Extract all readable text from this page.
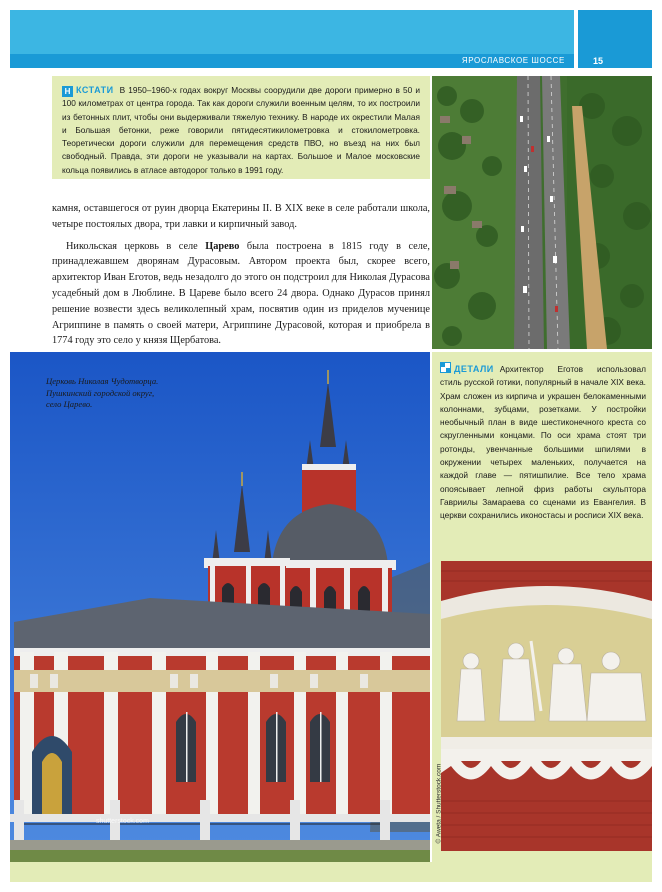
ЯРОСЛАВСКОЕ ШОССЕ	15
Н КСТАТИ В 1950–1960-х годах вокруг Москвы соорудили две дороги примерно в 50 и 100 километрах от центра города. Так как дороги служили военным целям, то их построили из бетонных плит, чтобы они выдерживали тяжелую технику. В народе их окрестили Малая и Большая бетонки, реже говорили пятидесятикилометровка и стокилометровка. Теоретически дороги служили для перемещения средств ПВО, но въезд на них был свободный. Правда, эти дороги не указывали на картах. Большое и Малое московские кольца появились в атласе автодорог только в 1991 году.

камня, оставшегося от руин дворца Екатерины II. В XIX веке в селе работали школа, четыре постоялых двора, три лавки и кирпичный завод.

Никольская церковь в селе Царево была построена в 1815 году в селе, принадлежавшем дворянам Дурасовым. Автором проекта был, скорее всего, архитектор Иван Еготов, ведь незадолго до этого он подстроил для Николая Дурасова усадебный дом в Люблине. В Цареве было всего 24 двора. Однако Дурасов принял решение возвести здесь великолепный храм, посвятив один из приделов мученице Агриппине в память о своей матери, Агриппине Дурасовой, которая и приобрела в 1774 году это село у князя Щербатова.

Церковь Николая Чудотворца.
Пушкинский городской округ,
село Царево.
shutterstock.com
ДЕТАЛИ Архитектор Еготов использовал стиль русской готики, популярный в начале XIX века. Храм сложен из кирпича и украшен белокаменными колоннами, зубцами, розетками. У постройки необычный план в виде шестиконечного креста со скругленными концами. По оси храма стоят три ротонды, увенчанные большими шпилями в окружении четырех маленьких, получается на каждой главе — пятишпилие. Все тело храма опоясывает лепной фриз работы скульптора Гавриилы Замараева со сценами из Евангелия. В церкви сохранились иконостасы и росписи XIX века.
© Aweta / Shutterstock.com
